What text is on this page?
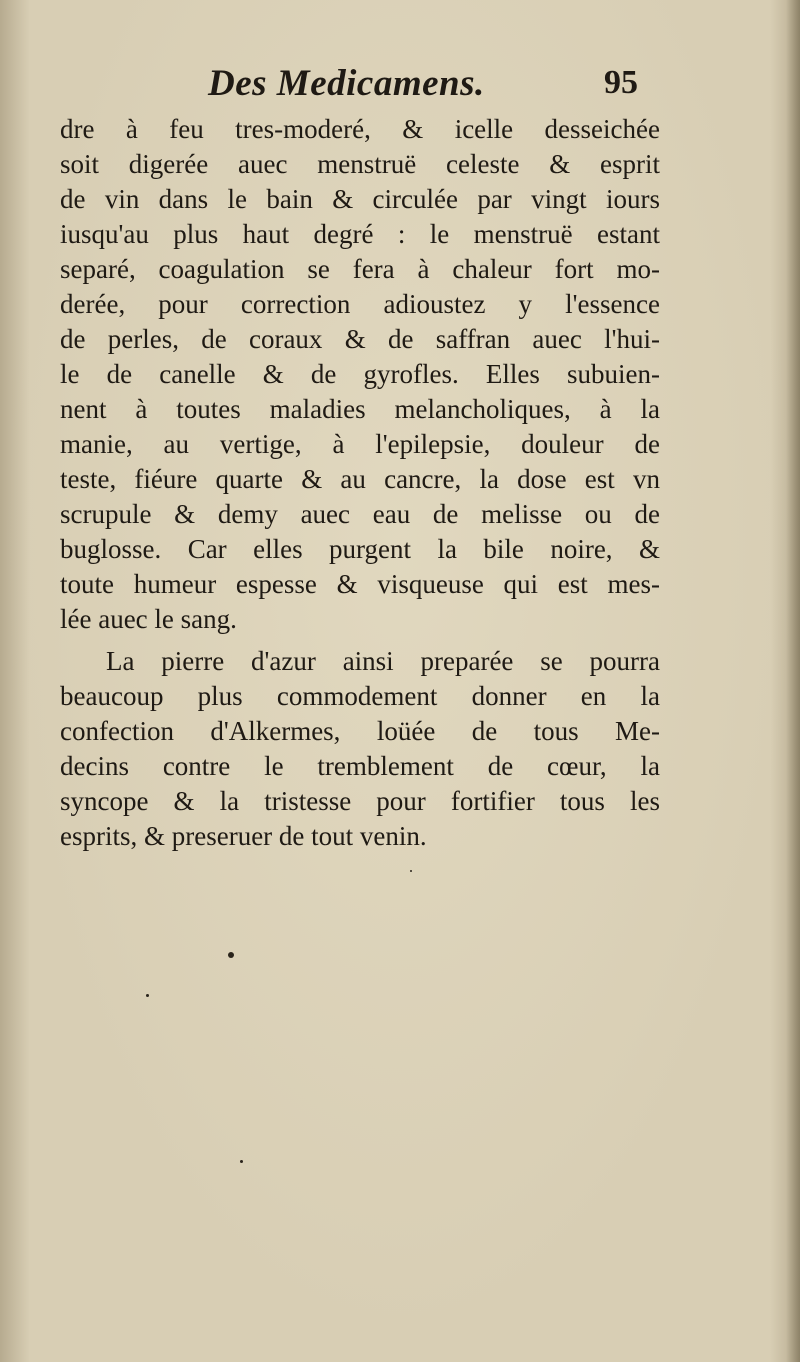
Des Medicamens.	95
dre à feu tres-moderé, & icelle desseichée
soit digerée auec menstruë celeste & esprit
de vin dans le bain & circulée par vingt iours
iusqu'au plus haut degré : le menstruë estant
separé, coagulation se fera à chaleur fort mo-
derée, pour correction adioustez y l'essence
de perles, de coraux & de saffran auec l'hui-
le de canelle & de gyrofles. Elles subuien-
nent à toutes maladies melancholiques, à la
manie, au vertige, à l'epilepsie, douleur de
teste, fiéure quarte & au cancre, la dose est vn
scrupule & demy auec eau de melisse ou de
buglosse. Car elles purgent la bile noire, &
toute humeur espesse & visqueuse qui est mes-
lée auec le sang.
La pierre d'azur ainsi preparée se pourra
beaucoup plus commodement donner en la
confection d'Alkermes, loüée de tous Me-
decins contre le tremblement de cœur, la
syncope & la tristesse pour fortifier tous les
esprits, & preseruer de tout venin.
